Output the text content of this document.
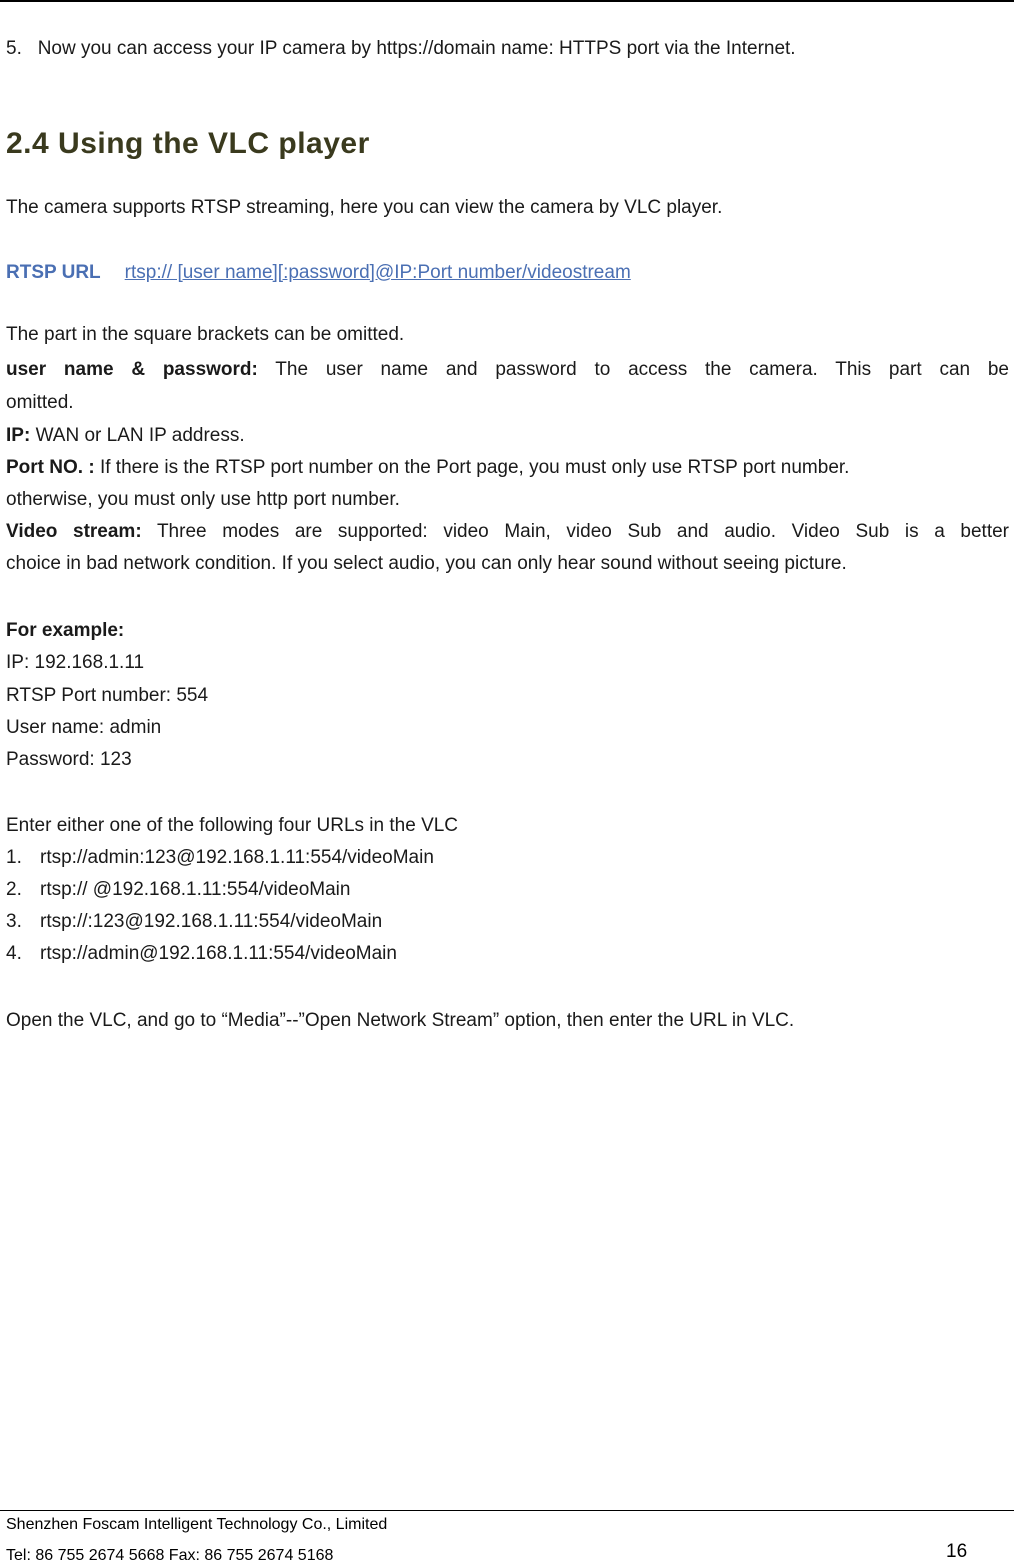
5. Now you can access your IP camera by https://domain name: HTTPS port via the Internet.
2.4 Using the VLC player
The camera supports RTSP streaming, here you can view the camera by VLC player.
RTSP URL rtsp:// [user name][:password]@IP:Port number/videostream
The part in the square brackets can be omitted.
user name & password: The user name and password to access the camera. This part can be
omitted.
IP: WAN or LAN IP address.
Port NO. : If there is the RTSP port number on the Port page, you must only use RTSP port number.
otherwise, you must only use http port number.
Video stream: Three modes are supported: video Main, video Sub and audio. Video Sub is a better
choice in bad network condition. If you select audio, you can only hear sound without seeing picture.
For example:
IP: 192.168.1.11
RTSP Port number: 554
User name: admin
Password: 123
Enter either one of the following four URLs in the VLC
1. rtsp://admin:123@192.168.1.11:554/videoMain
2. rtsp:// @192.168.1.11:554/videoMain
3. rtsp://:123@192.168.1.11:554/videoMain
4. rtsp://admin@192.168.1.11:554/videoMain
Open the VLC, and go to “Media”--”Open Network Stream” option, then enter the URL in VLC.
Shenzhen Foscam Intelligent Technology Co., Limited
Tel: 86 755 2674 5668 Fax: 86 755 2674 5168	16
